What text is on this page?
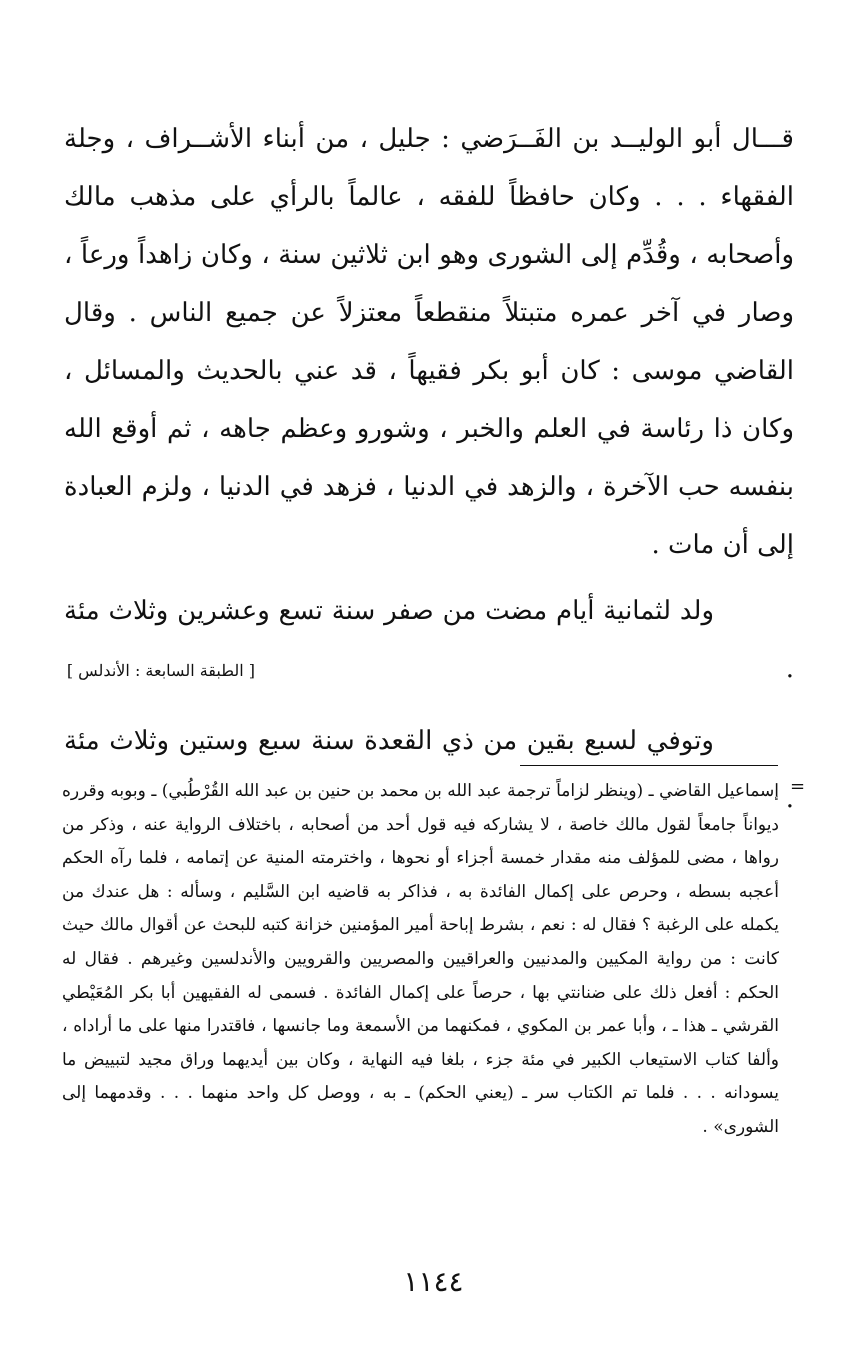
قـــال أبو الوليــد بن الفَــرَضي : جليل ، من أبناء الأشــراف ، وجلة الفقهاء . . . وكان حافظاً للفقه ، عالماً بالرأي على مذهب مالك وأصحابه ، وقُدِّم إلى الشورى وهو ابن ثلاثين سنة ، وكان زاهداً ورعاً ، وصار في آخر عمره متبتلاً منقطعاً معتزلاً عن جميع الناس . وقال القاضي موسى : كان أبو بكر فقيهاً ، قد عني بالحديث والمسائل ، وكان ذا رئاسة في العلم والخبر ، وشورو وعظم جاهه ، ثم أوقع الله بنفسه حب الآخرة ، والزهد في الدنيا ، فزهد في الدنيا ، ولزم العبادة إلى أن مات .

ولد لثمانية أيام مضت من صفر سنة تسع وعشرين وثلاث مئة .

وتوفي لسبع بقين من ذي القعدة سنة سبع وستين وثلاث مئة .

[ الطبقة السابعة : الأندلس ]
=

إسماعيل القاضي ـ (وينظر لزاماً ترجمة عبد الله بن محمد بن حنين بن عبد الله القُرْطُبي) ـ وبوبه وقرره ديواناً جامعاً لقول مالك خاصة ، لا يشاركه فيه قول أحد من أصحابه ، باختلاف الرواية عنه ، وذكر من رواها ، مضى للمؤلف منه مقدار خمسة أجزاء أو نحوها ، واخترمته المنية عن إتمامه ، فلما رآه الحكم أعجبه بسطه ، وحرص على إكمال الفائدة به ، فذاكر به قاضيه ابن السَّليم ، وسأله : هل عندك من يكمله على الرغبة ؟ فقال له : نعم ، بشرط إباحة أمير المؤمنين خزانة كتبه للبحث عن أقوال مالك حيث كانت : من رواية المكيين والمدنيين والعراقيين والمصريين والقرويين والأندلسين وغيرهم . فقال له الحكم : أفعل ذلك على ضنانتي بها ، حرصاً على إكمال الفائدة . فسمى له الفقيهين أبا بكر المُعَيْطي القرشي ـ هذا ـ ، وأبا عمر بن المكوي ، فمكنهما من الأسمعة وما جانسها ، فاقتدرا منها على ما أراداه ، وألفا كتاب الاستيعاب الكبير في مئة جزء ، بلغا فيه النهاية ، وكان بين أيديهما وراق مجيد لتبييض ما يسودانه . . . فلما تم الكتاب سر ـ (يعني الحكم) ـ به ، ووصل كل واحد منهما . . . وقدمهما إلى الشورى» .

١١٤٤
